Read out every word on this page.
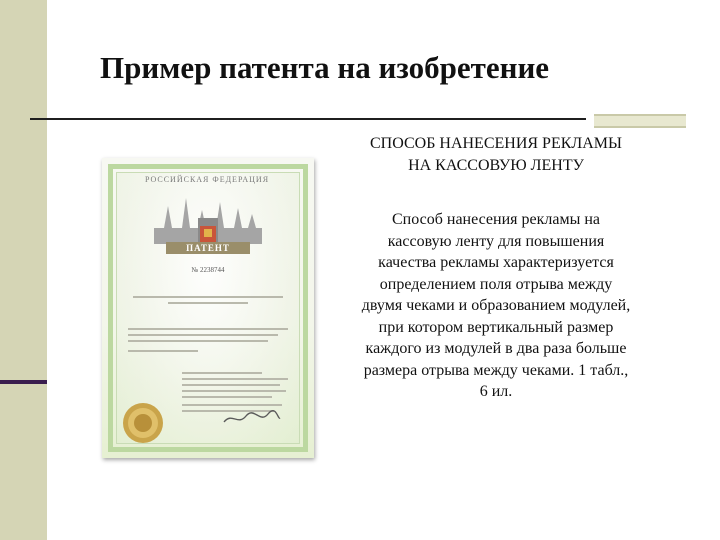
Пример патента на изобретение
РОССИЙСКАЯ ФЕДЕРАЦИЯ
ПАТЕНТ
№ 2238744
СПОСОБ НАНЕСЕНИЯ РЕКЛАМЫ НА КАССОВУЮ ЛЕНТУ
Способ нанесения рекламы на кассовую ленту для повышения качества рекламы характеризуется определением поля отрыва между двумя чеками и образованием модулей, при котором вертикальный размер каждого из модулей в два раза больше размера отрыва между чеками. 1 табл., 6 ил.
